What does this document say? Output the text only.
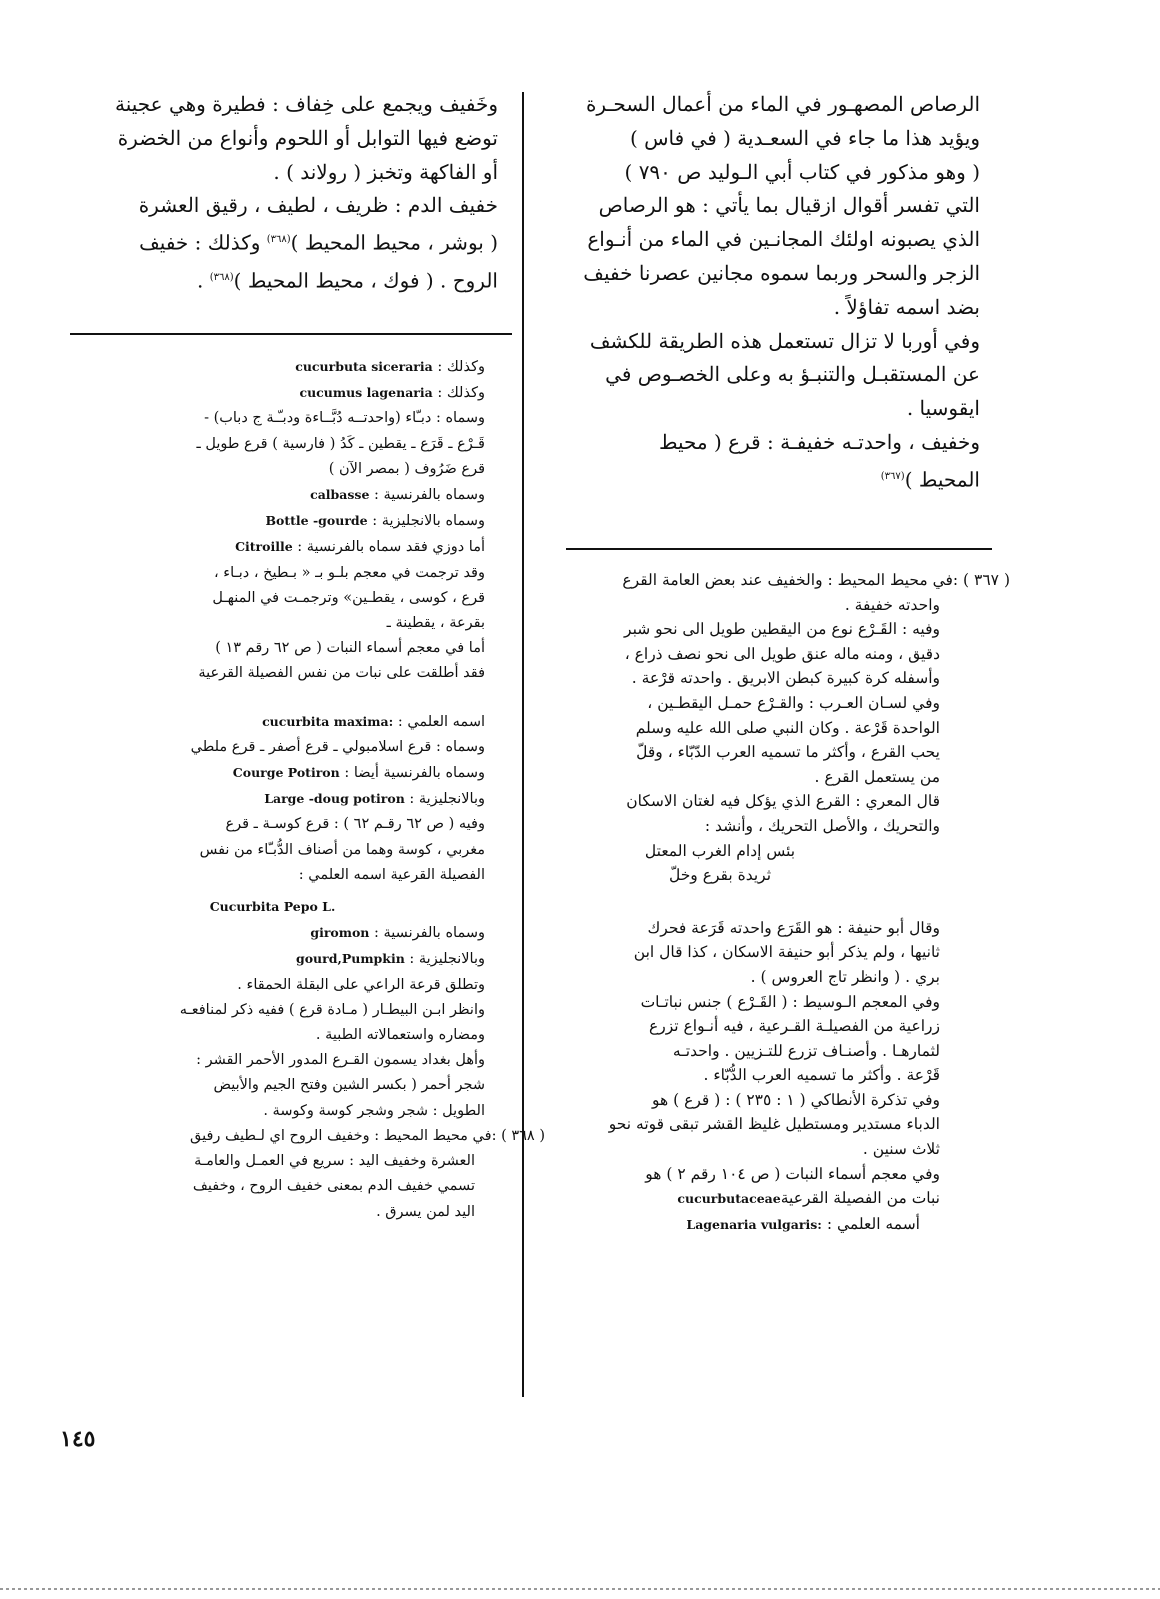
الرصاص المصهـور في الماء من أعمال السحـرة

ويؤيد هذا ما جاء في السعـدية ( في فاس )

( وهو مذكور في كتاب أبي الـوليد ص ٧٩٠ )

التي تفسر أقوال ازقيال بما يأتي : هو الرصاص

الذي يصبونه اولئك المجانـين في الماء من أنـواع

الزجر والسحر وربما سموه مجانين عصرنا خفيف

بضد اسمه تفاؤلاً .

وفي أوربا لا تزال تستعمل هذه الطريقة للكشف

عن المستقبـل والتنبـؤ به وعلى الخصـوص في

ايقوسيا .

وخفيف ، واحدتـه خفيفـة : قرع ( محيط

المحيط )$^{(٣٦٧)}$

وخَفيف ويجمع على خِفاف : فطيرة وهي عجينة

توضع فيها التوابل أو اللحوم وأنواع من الخضرة

أو الفاكهة وتخبز ( رولاند ) .

خفيف الدم : ظريف ، لطيف ، رقيق العشرة

( بوشر ، محيط المحيط )$^{(٣٦٨)}$ وكذلك : خفيف

الروح . ( فوك ، محيط المحيط )$^{(٣٦٨)}$ .

( ٣٦٧ ) :في محيط المحيط : والخفيف عند بعض العامة القرع

واحدته خفيفة .

وفيه : القَـرْع نوع من اليقطين طويل الى نحو شبر

دقيق ، ومنه ماله عنق طويل الى نحو نصف ذراع ،

وأسفله كرة كبيرة كبطن الابريق . واحدته قرْعة .

وفي لسـان العـرب : والقـرْع حمـل اليقطـين ،

الواحدة قَرْعة . وكان النبي صلى الله عليه وسلم

يحب القرع ، وأكثر ما تسميه العرب الدّبّاء ، وقلّ

من يستعمل القرع .

قال المعري : القرع الذي يؤكل فيه لغتان الاسكان

والتحريك ، والأصل التحريك ، وأنشد :

بئس إدام الغرب المعتل

ثريدة بقرع وخلّ

وقال أبو حنيفة : هو القَرَع واحدته قَرَعة فحرك

ثانيها ، ولم يذكر أبو حنيفة الاسكان ، كذا قال ابن

بري . ( وانظر تاج العروس ) .

وفي المعجم الـوسيط : ( القَـرْع ) جنس نباتـات

زراعية من الفصيلـة القـرعية ، فيه أنـواع تزرع

لثمارهـا . وأصنـاف تزرع للتـزيين . واحدتـه

قَرْعة . وأكثر ما تسميه العرب الدُّبّاء .

وفي تذكرة الأنطاكي ( ١ : ٢٣٥ ) : ( قرع ) هو

الدباء مستدير ومستطيل غليظ القشر تبقى قوته نحو

ثلاث سنين .

وفي معجم أسماء النبات ( ص ١٠٤ رقم ٢ ) هو

نبات من الفصيلة القرعيةcucurbutaceae

أسمه العلمي : Lagenaria vulgaris:

وكذلك : cucurbuta siceraria

وكذلك : cucumus lagenaria

وسماه : دبـّاء (واحدتــه دُبَّــاءة ودبـّـة ج دباب) -

قَـرْع ـ قَرَع ـ يقطين ـ كَدُ ( فارسية ) قرع طويل ـ

قرع ضَرُوف ( بمصر الآن )

وسماه بالفرنسية : calbasse

وسماه بالانجليزية : Bottle -gourde

أما دوزي فقد سماه بالفرنسية : Citroille

وقد ترجمت في معجم بلـو بـ « بـطيخ ، دبـاء ،

قرع ، كوسى ، يقطـين» وترجمـت في المنهـل

بقرعة ، يقطينة ـ

أما في معجم أسماء النبات ( ص ٦٢ رقم ١٣ )

فقد أطلقت على نبات من نفس الفصيلة القرعية

اسمه العلمي : cucurbita maxima:

وسماه : قرع اسلامبولي ـ قرع أصفر ـ قرع ملطي

وسماه بالفرنسية أيضا : Courge Potiron

وبالانجليزية : Large -doug potiron

وفيه ( ص ٦٢ رقـم ٦٢ ) : قرع كوسـة ـ قرع

مغربي ، كوسة وهما من أصناف الدُّبـّاء من نفس

الفصيلة القرعية اسمه العلمي :

Cucurbita Pepo L.

وسماه بالفرنسية : giromon

وبالانجليزية : gourd,Pumpkin

وتطلق قرعة الراعي على البقلة الحمقاء .

وانظر ابـن البيطـار ( مـادة قرع ) ففيه ذكر لمنافعـه

ومضاره واستعمالاته الطبية .

وأهل بغداد يسمون القـرع المدور الأحمر القشر :

شجر أحمر ( بكسر الشين وفتح الجيم والأبيض

الطويل : شجر وشجر كوسة وكوسة .

( ٣٦٨ ) :في محيط المحيط : وخفيف الروح اي لـطيف رفيق

العشرة وخفيف اليد : سريع في العمـل والعامـة

تسمي خفيف الدم بمعنى خفيف الروح ، وخفيف

اليد لمن يسرق .

١٤٥
